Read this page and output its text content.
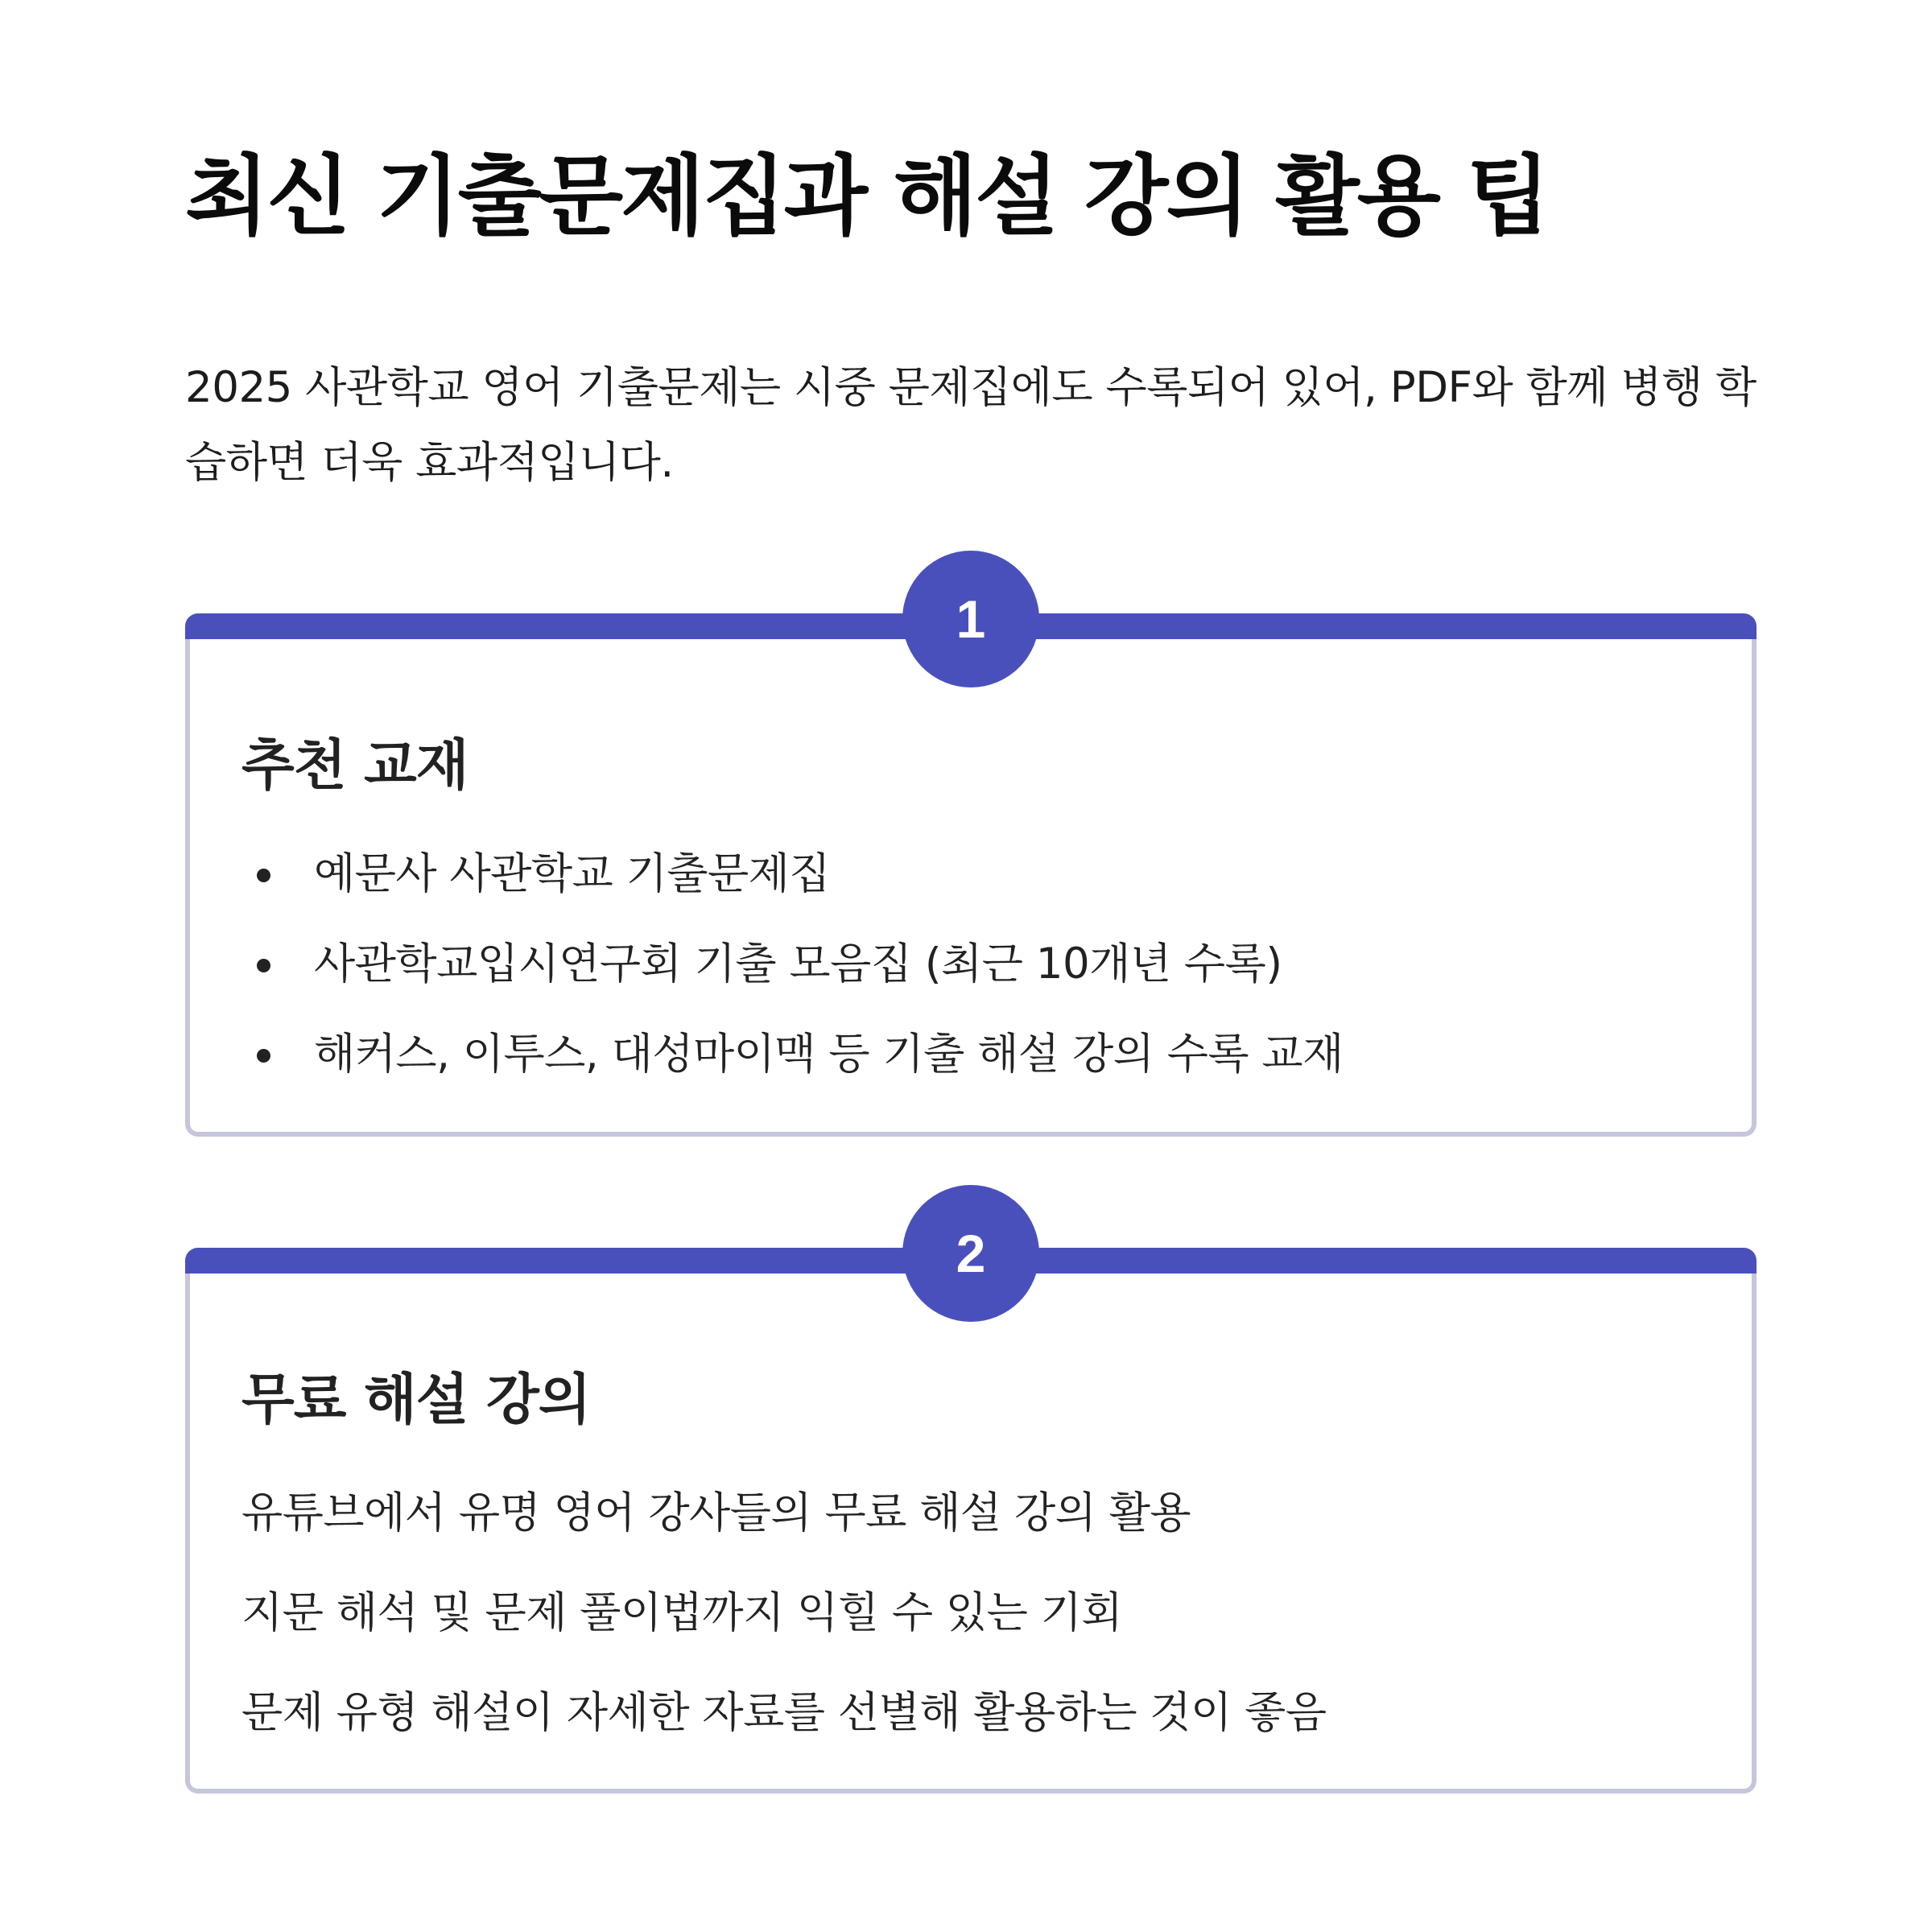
최신 기출문제집과 해설 강의 활용 팁

2025 사관학교 영어 기출문제는 시중 문제집에도 수록되어 있어, PDF와 함께 병행 학습하면 더욱 효과적입니다.

1
추천 교재
예문사 사관학교 기출문제집
사관학교입시연구회 기출 모음집 (최근 10개년 수록)
해커스, 이투스, 대성마이맥 등 기출 해설 강의 수록 교재
2
무료 해설 강의
유튜브에서 유명 영어 강사들의 무료 해설 강의 활용
지문 해석 및 문제 풀이법까지 익힐 수 있는 기회
문제 유형 해설이 자세한 자료를 선별해 활용하는 것이 좋음
